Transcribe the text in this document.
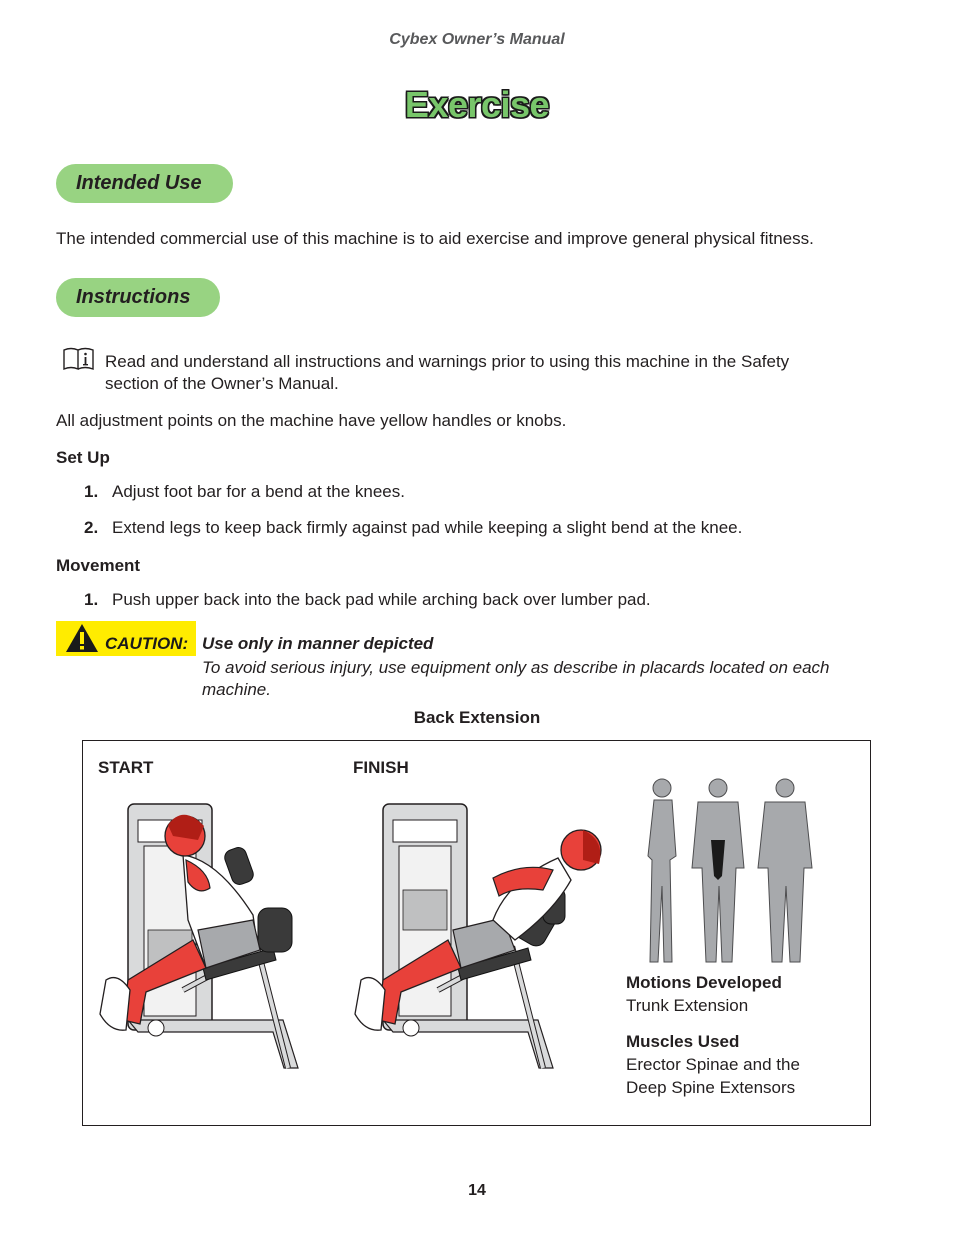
Cybex Owner’s Manual
Exercise
Intended Use
The intended commercial use of this machine is to aid exercise and improve general physical fitness.
Instructions
Read and understand all instructions and warnings prior to using this machine in the Safety
section of the Owner’s Manual.
All adjustment points on the machine have yellow handles or knobs.
Set Up
1. Adjust foot bar for a bend at the knees.
2. Extend legs to keep back firmly against pad while keeping a slight bend at the knee.
Movement
1. Push upper back into the back pad while arching back over lumber pad.
CAUTION: Use only in manner depicted
To avoid serious injury, use equipment only as describe in placards located on each
machine.
Back Extension
START	FINISH
Motions Developed
Trunk Extension
Muscles Used
Erector Spinae and the
Deep Spine Extensors
14
